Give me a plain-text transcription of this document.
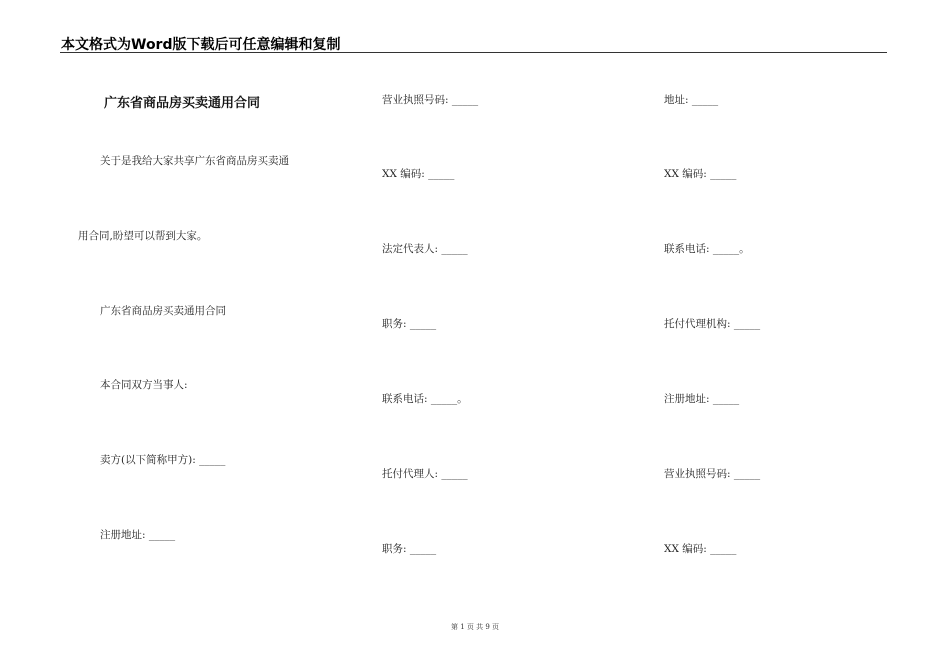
本文格式为Word版下载后可任意编辑和复制
广东省商品房买卖通用合同
关于是我给大家共享广东省商品房买卖通
用合同,盼望可以帮到大家。
广东省商品房买卖通用合同
本合同双方当事人:
卖方(以下简称甲方): _____
注册地址: _____
营业执照号码: _____
XX 编码: _____
法定代表人: _____
职务: _____
联系电话: _____。
托付代理人: _____
职务: _____
地址: _____
XX 编码: _____
联系电话: _____。
托付代理机构: _____
注册地址: _____
营业执照号码: _____
XX 编码: _____
第 1 页 共 9 页
